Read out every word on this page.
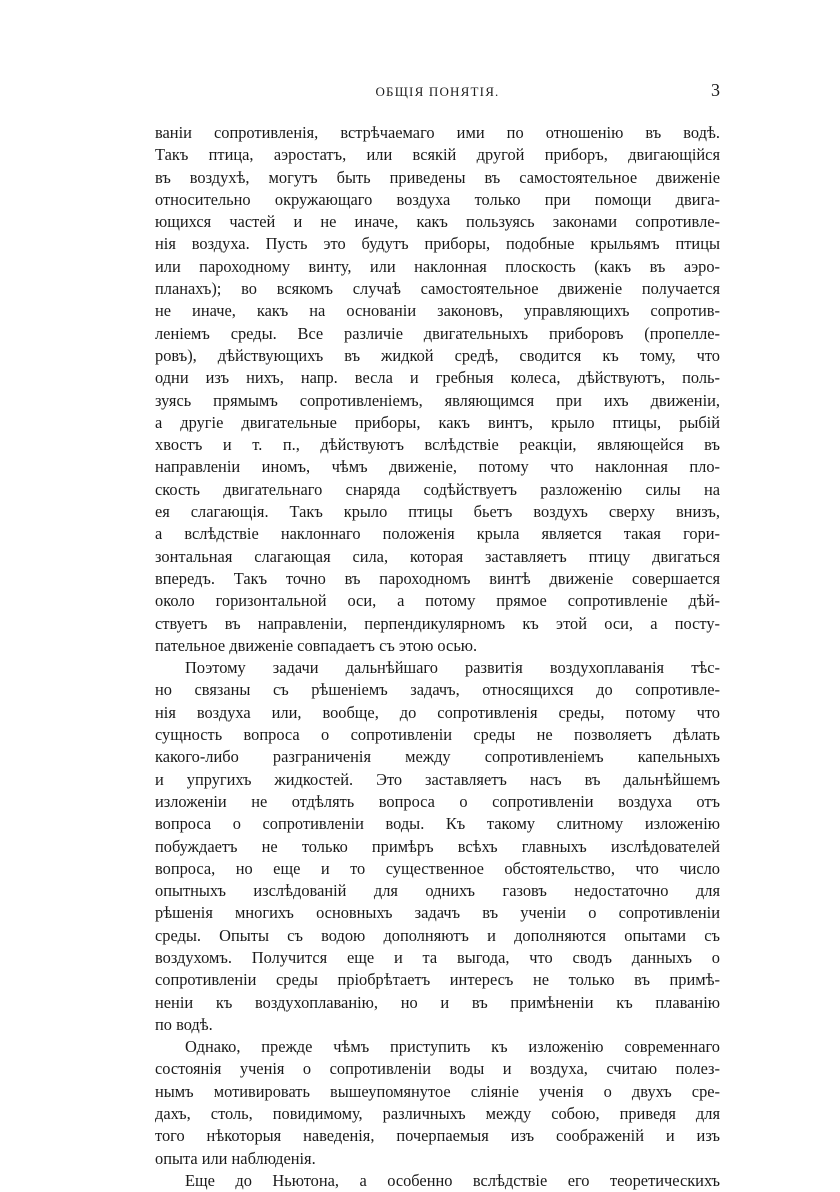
ОБЩІЯ ПОНЯТІЯ.	3
ваніи сопротивленія, встрѣчаемаго ими по отношенію въ водѣ.
Такъ птица, аэростатъ, или всякій другой приборъ, двигающійся
въ воздухѣ, могутъ быть приведены въ самостоятельное движеніе
относительно окружающаго воздуха только при помощи двига-
ющихся частей и не иначе, какъ пользуясь законами сопротивле-
нія воздуха. Пусть это будутъ приборы, подобные крыльямъ птицы
или пароходному винту, или наклонная плоскость (какъ въ аэро-
планахъ); во всякомъ случаѣ самостоятельное движеніе получается
не иначе, какъ на основаніи законовъ, управляющихъ сопротив-
леніемъ среды. Все различіе двигательныхъ приборовъ (пропелле-
ровъ), дѣйствующихъ въ жидкой средѣ, сводится къ тому, что
одни изъ нихъ, напр. весла и гребныя колеса, дѣйствуютъ, поль-
зуясь прямымъ сопротивленіемъ, являющимся при ихъ движеніи,
а другіе двигательные приборы, какъ винтъ, крыло птицы, рыбій
хвостъ и т. п., дѣйствуютъ вслѣдствіе реакціи, являющейся въ
направленіи иномъ, чѣмъ движеніе, потому что наклонная пло-
скость двигательнаго снаряда содѣйствуетъ разложенію силы на
ея слагающія. Такъ крыло птицы бьетъ воздухъ сверху внизъ,
а вслѣдствіе наклоннаго положенія крыла является такая гори-
зонтальная слагающая сила, которая заставляетъ птицу двигаться
впередъ. Такъ точно въ пароходномъ винтѣ движеніе совершается
около горизонтальной оси, а потому прямое сопротивленіе дѣй-
ствуетъ въ направленіи, перпендикулярномъ къ этой оси, а посту-
пательное движеніе совпадаетъ съ этою осью.
Поэтому задачи дальнѣйшаго развитія воздухоплаванія тѣс-
но связаны съ рѣшеніемъ задачъ, относящихся до сопротивле-
нія воздуха или, вообще, до сопротивленія среды, потому что
сущность вопроса о сопротивленіи среды не позволяетъ дѣлать
какого-либо разграниченія между сопротивленіемъ капельныхъ
и упругихъ жидкостей. Это заставляетъ насъ въ дальнѣйшемъ
изложеніи не отдѣлять вопроса о сопротивленіи воздуха отъ
вопроса о сопротивленіи воды. Къ такому слитному изложенію
побуждаетъ не только примѣръ всѣхъ главныхъ изслѣдователей
вопроса, но еще и то существенное обстоятельство, что число
опытныхъ изслѣдованій для однихъ газовъ недостаточно для
рѣшенія многихъ основныхъ задачъ въ ученіи о сопротивленіи
среды. Опыты съ водою дополняютъ и дополняются опытами съ
воздухомъ. Получится еще и та выгода, что сводъ данныхъ о
сопротивленіи среды пріобрѣтаетъ интересъ не только въ примѣ-
неніи къ воздухоплаванію, но и въ примѣненіи къ плаванію
по водѣ.
Однако, прежде чѣмъ приступить къ изложенію современнаго
состоянія ученія о сопротивленіи воды и воздуха, считаю полез-
нымъ мотивировать вышеупомянутое сліяніе ученія о двухъ сре-
дахъ, столь, повидимому, различныхъ между собою, приведя для
того нѣкоторыя наведенія, почерпаемыя изъ соображеній и изъ
опыта или наблюденія.
Еще до Ньютона, а особенно вслѣдствіе его теоретическихъ
